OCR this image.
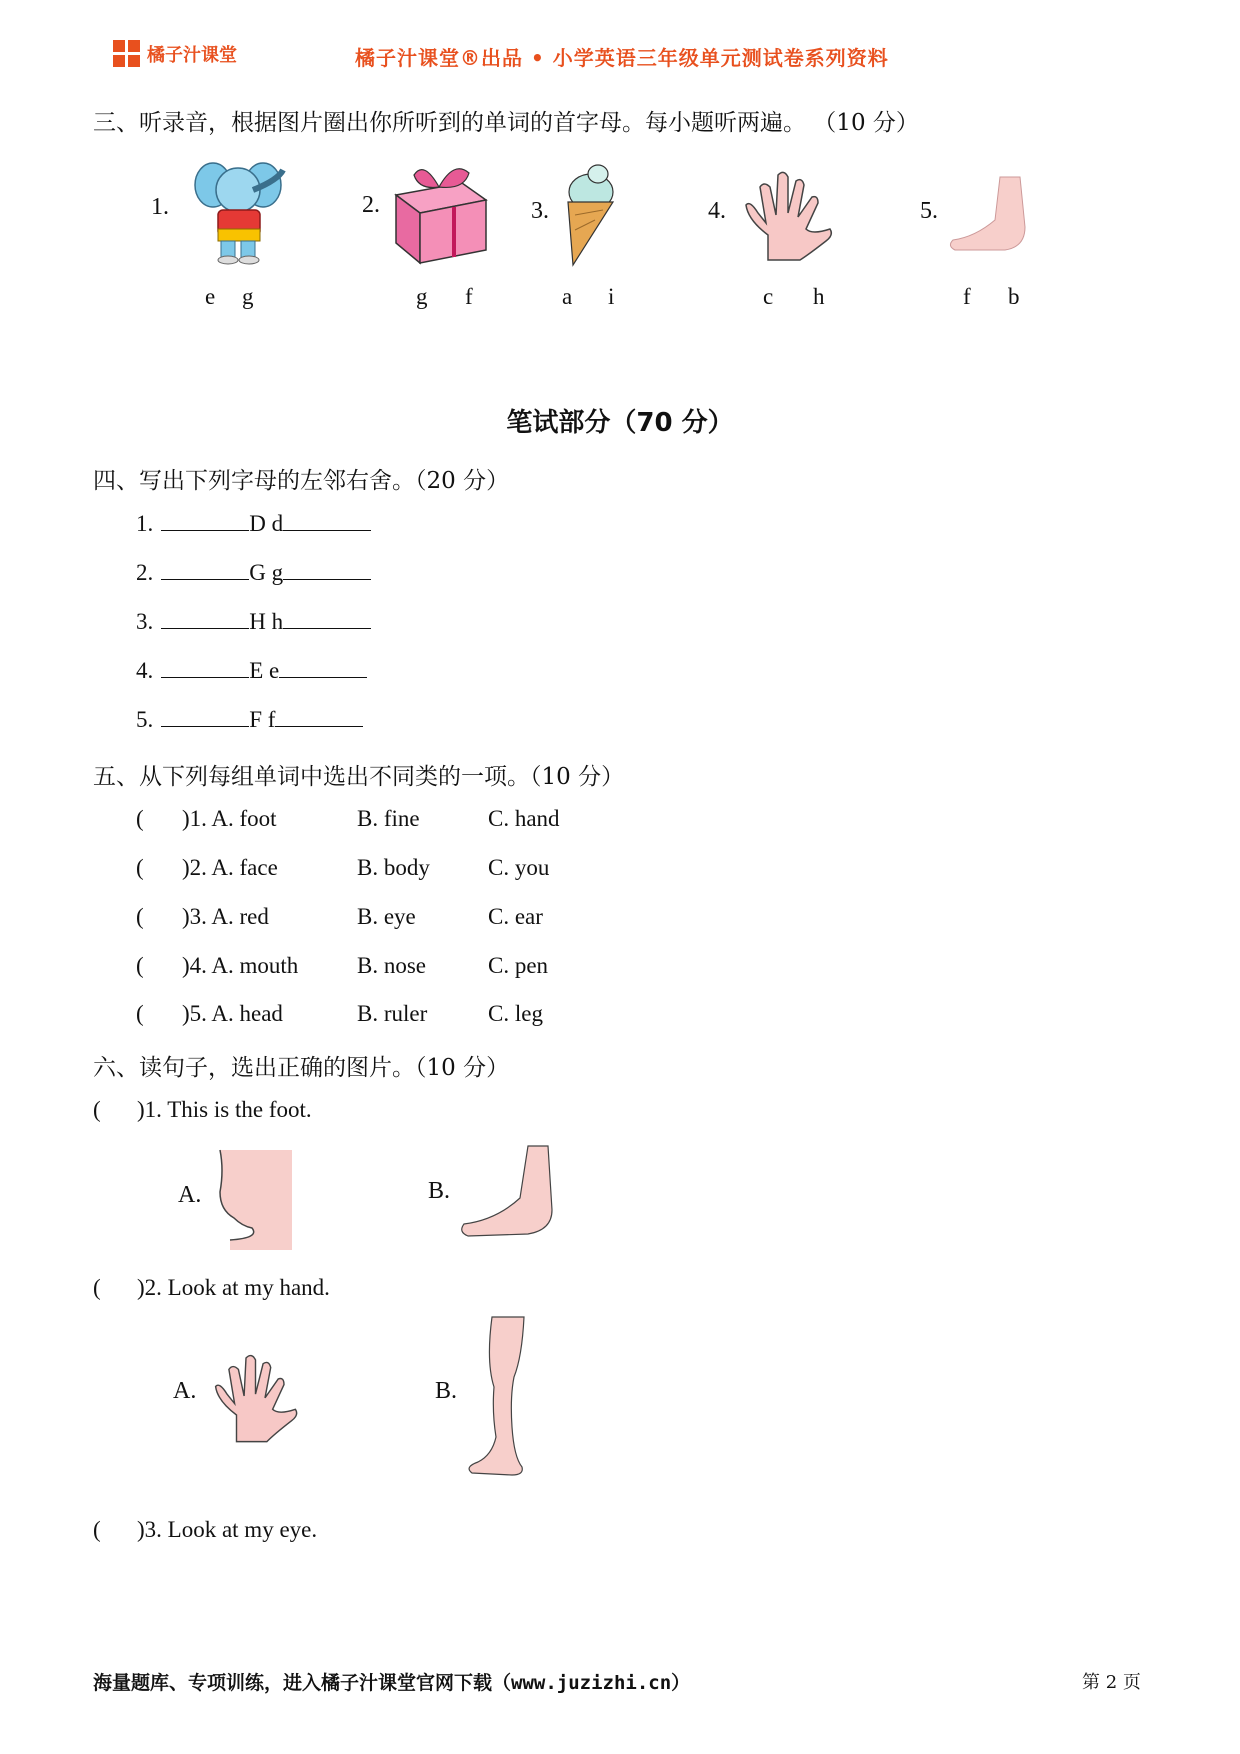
橘子汁课堂	橘子汁课堂®出品 • 小学英语三年级单元测试卷系列资料
三、听录音，根据图片圈出你所听到的单词的首字母。每小题听两遍。 （10 分）
1.	2.	3.	4.	5.
e g	g f	a i	c h	f b
笔试部分（70 分）
四、写出下列字母的左邻右舍。（20 分）
1.	D d
2.	G g
3.	H h
4.	E e
5.	F f
五、从下列每组单词中选出不同类的一项。（10 分）
( )1. A. foot	B. fine	C. hand
( )2. A. face	B. body	C. you
( )3. A. red	B. eye	C. ear
( )4. A. mouth	B. nose	C. pen
( )5. A. head	B. ruler	C. leg
六、读句子，选出正确的图片。（10 分）
( )1. This is the foot.
A.	B.
( )2. Look at my hand.
A.	B.
( )3. Look at my eye.
海量题库、专项训练，进入橘子汁课堂官网下载（www.juzizhi.cn）	第 2 页
